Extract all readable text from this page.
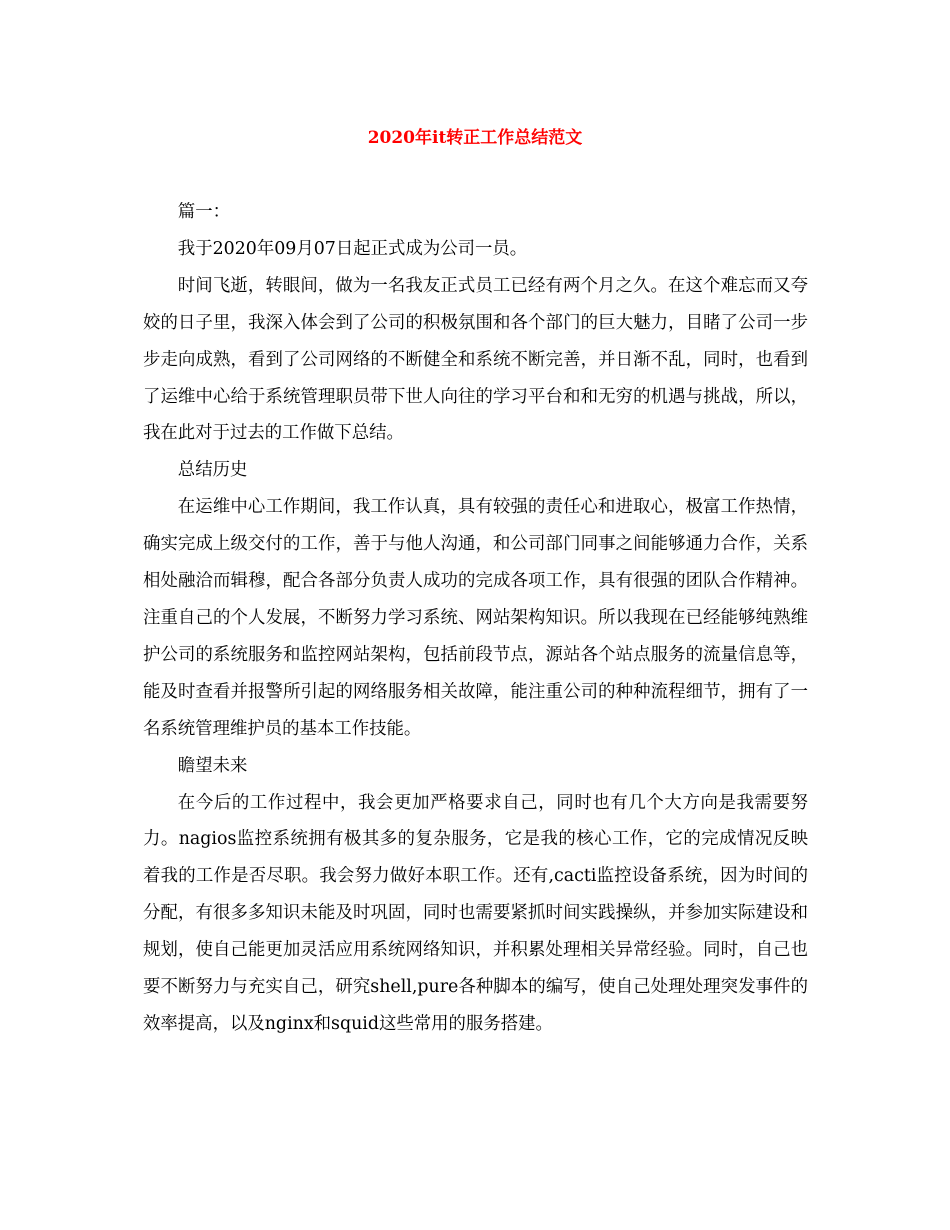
2020年it转正工作总结范文

篇一：

我于2020年09月07日起正式成为公司一员。

时间飞逝，转眼间，做为一名我友正式员工已经有两个月之久。在这个难忘而又夸姣的日子里，我深入体会到了公司的积极氛围和各个部门的巨大魅力，目睹了公司一步步走向成熟，看到了公司网络的不断健全和系统不断完善，并日渐不乱，同时，也看到了运维中心给于系统管理职员带下世人向往的学习平台和和无穷的机遇与挑战，所以，我在此对于过去的工作做下总结。

总结历史

在运维中心工作期间，我工作认真，具有较强的责任心和进取心，极富工作热情，确实完成上级交付的工作，善于与他人沟通，和公司部门同事之间能够通力合作，关系相处融洽而辑穆，配合各部分负责人成功的完成各项工作，具有很强的团队合作精神。注重自己的个人发展，不断努力学习系统、网站架构知识。所以我现在已经能够纯熟维护公司的系统服务和监控网站架构，包括前段节点，源站各个站点服务的流量信息等，能及时查看并报警所引起的网络服务相关故障，能注重公司的种种流程细节，拥有了一名系统管理维护员的基本工作技能。

瞻望未来

在今后的工作过程中，我会更加严格要求自己，同时也有几个大方向是我需要努力。nagios监控系统拥有极其多的复杂服务，它是我的核心工作，它的完成情况反映着我的工作是否尽职。我会努力做好本职工作。还有,cacti监控设备系统，因为时间的分配，有很多多知识未能及时巩固，同时也需要紧抓时间实践操纵，并参加实际建设和规划，使自己能更加灵活应用系统网络知识，并积累处理相关异常经验。同时，自己也要不断努力与充实自己，研究shell,pure各种脚本的编写，使自己处理处理突发事件的效率提高，以及nginx和squid这些常用的服务搭建。
